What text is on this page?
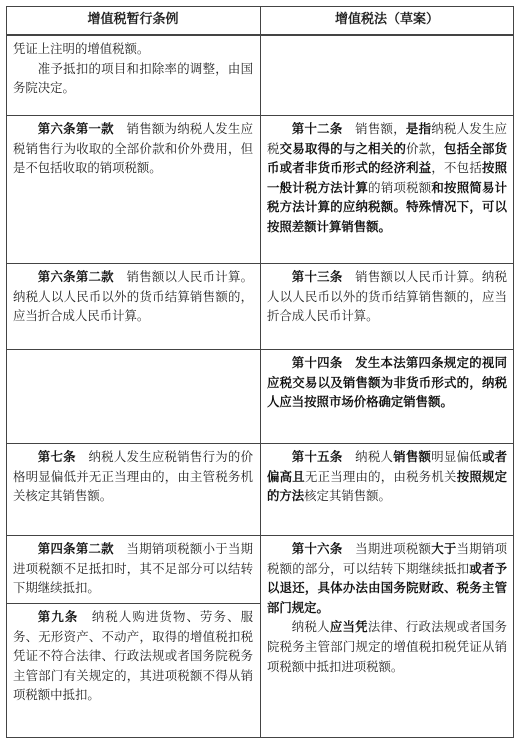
增值税暂行条例	增值税法（草案）

凭证上注明的增值税额。

准予抵扣的项目和扣除率的调整，由国务院决定。

第六条第一款　销售额为纳税人发生应税销售行为收取的全部价款和价外费用，但是不包括收取的销项税额。

第十二条　销售额，是指纳税人发生应税交易取得的与之相关的价款，包括全部货币或者非货币形式的经济利益，不包括按照一般计税方法计算的销项税额和按照简易计税方法计算的应纳税额。特殊情况下，可以按照差额计算销售额。

第六条第二款　销售额以人民币计算。纳税人以人民币以外的货币结算销售额的，应当折合成人民币计算。

第十三条　销售额以人民币计算。纳税人以人民币以外的货币结算销售额的，应当折合成人民币计算。

第十四条　发生本法第四条规定的视同应税交易以及销售额为非货币形式的，纳税人应当按照市场价格确定销售额。

第七条　纳税人发生应税销售行为的价格明显偏低并无正当理由的，由主管税务机关核定其销售额。

第十五条　纳税人销售额明显偏低或者偏高且无正当理由的，由税务机关按照规定的方法核定其销售额。

第四条第二款　当期销项税额小于当期进项税额不足抵扣时，其不足部分可以结转下期继续抵扣。

第九条　纳税人购进货物、劳务、服务、无形资产、不动产，取得的增值税扣税凭证不符合法律、行政法规或者国务院税务主管部门有关规定的，其进项税额不得从销项税额中抵扣。

第十六条　当期进项税额大于当期销项税额的部分，可以结转下期继续抵扣或者予以退还，具体办法由国务院财政、税务主管部门规定。

纳税人应当凭法律、行政法规或者国务院税务主管部门规定的增值税扣税凭证从销项税额中抵扣进项税额。
